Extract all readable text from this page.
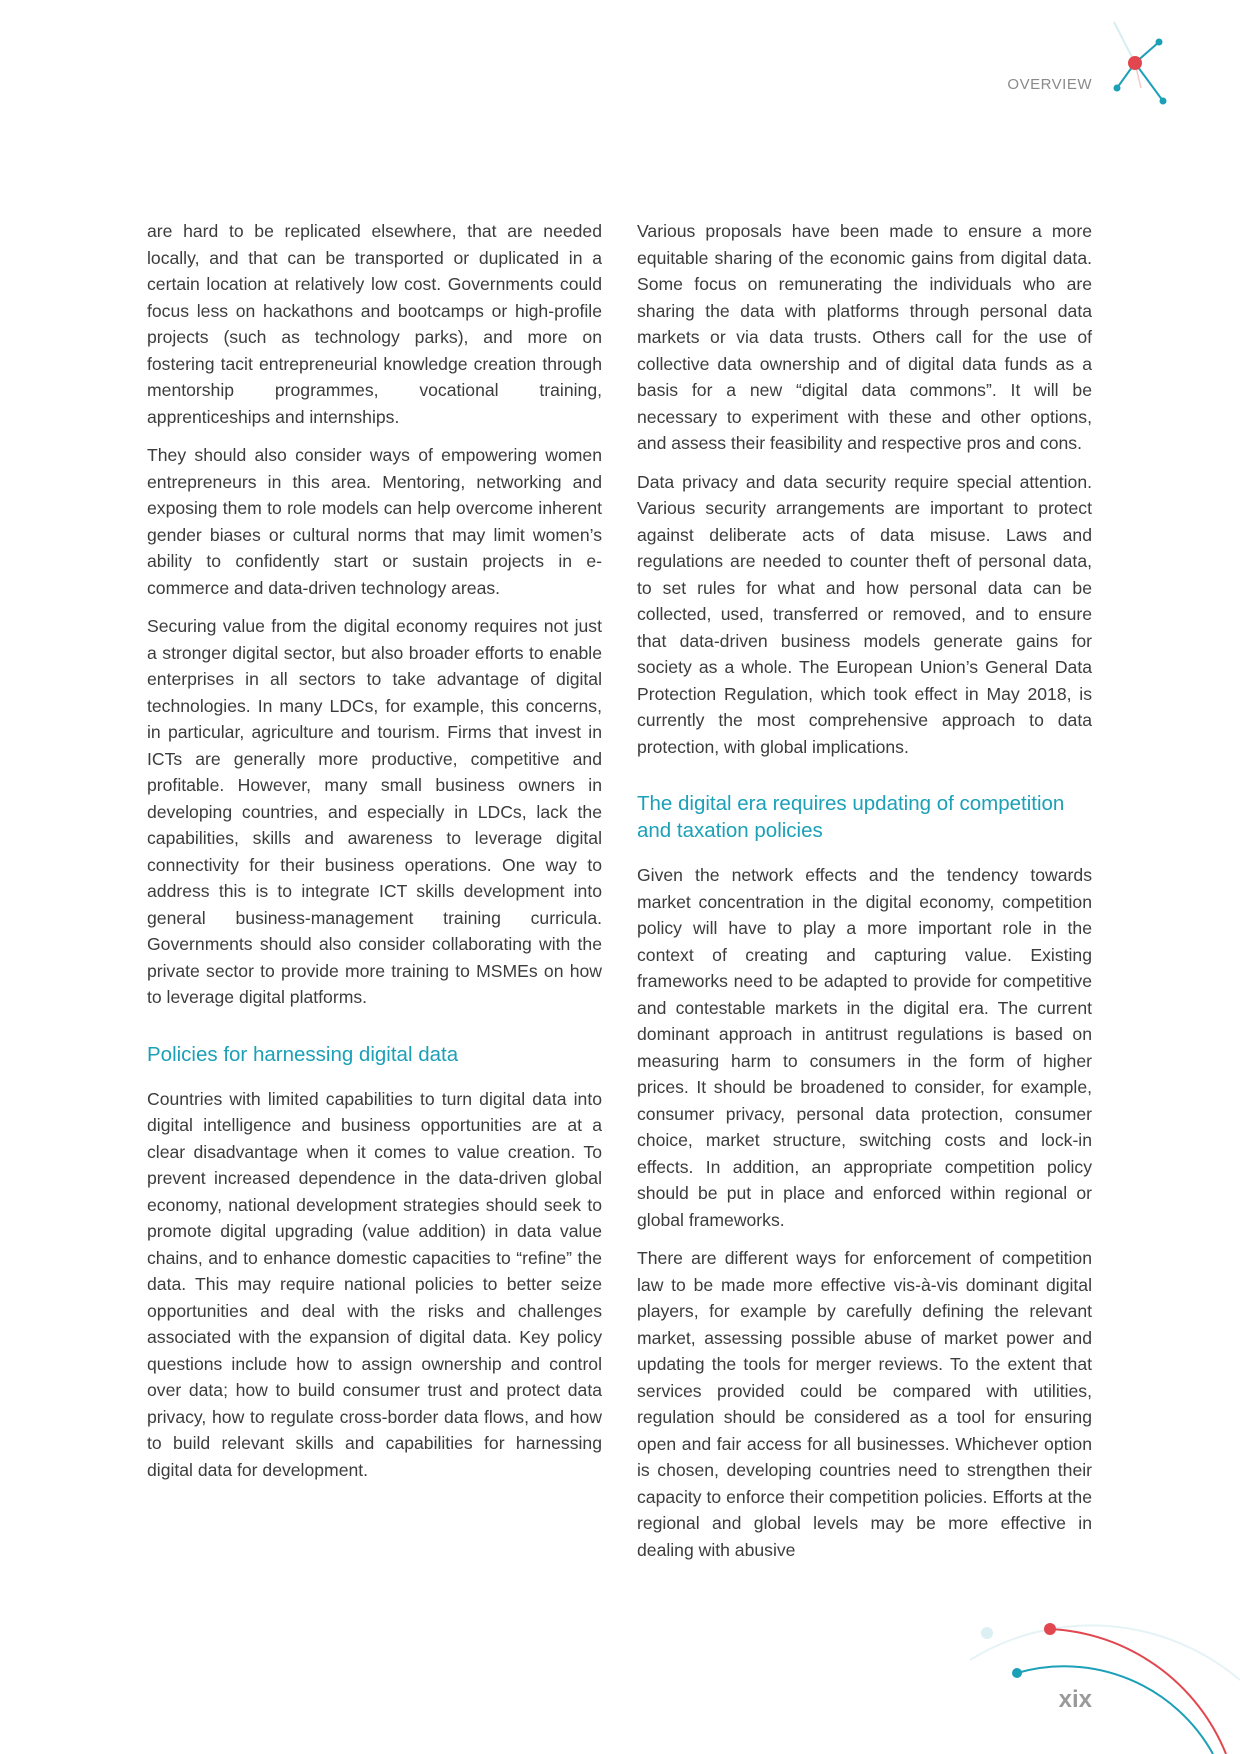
OVERVIEW

are hard to be replicated elsewhere, that are needed locally, and that can be transported or duplicated in a certain location at relatively low cost. Governments could focus less on hackathons and bootcamps or high-profile projects (such as technology parks), and more on fostering tacit entrepreneurial knowledge creation through mentorship programmes, vocational training, apprenticeships and internships.

They should also consider ways of empowering women entrepreneurs in this area. Mentoring, networking and exposing them to role models can help overcome inherent gender biases or cultural norms that may limit women’s ability to confidently start or sustain projects in e-commerce and data-driven technology areas.

Securing value from the digital economy requires not just a stronger digital sector, but also broader efforts to enable enterprises in all sectors to take advantage of digital technologies. In many LDCs, for example, this concerns, in particular, agriculture and tourism. Firms that invest in ICTs are generally more productive, competitive and profitable. However, many small business owners in developing countries, and especially in LDCs, lack the capabilities, skills and awareness to leverage digital connectivity for their business operations. One way to address this is to integrate ICT skills development into general business-management training curricula. Governments should also consider collaborating with the private sector to provide more training to MSMEs on how to leverage digital platforms.

Policies for harnessing digital data

Countries with limited capabilities to turn digital data into digital intelligence and business opportunities are at a clear disadvantage when it comes to value creation. To prevent increased dependence in the data-driven global economy, national development strategies should seek to promote digital upgrading (value addition) in data value chains, and to enhance domestic capacities to “refine” the data. This may require national policies to better seize opportunities and deal with the risks and challenges associated with the expansion of digital data. Key policy questions include how to assign ownership and control over data; how to build consumer trust and protect data privacy, how to regulate cross-border data flows, and how to build relevant skills and capabilities for harnessing digital data for development.

Various proposals have been made to ensure a more equitable sharing of the economic gains from digital data. Some focus on remunerating the individuals who are sharing the data with platforms through personal data markets or via data trusts. Others call for the use of collective data ownership and of digital data funds as a basis for a new “digital data commons”. It will be necessary to experiment with these and other options, and assess their feasibility and respective pros and cons.

Data privacy and data security require special attention. Various security arrangements are important to protect against deliberate acts of data misuse. Laws and regulations are needed to counter theft of personal data, to set rules for what and how personal data can be collected, used, transferred or removed, and to ensure that data-driven business models generate gains for society as a whole. The European Union’s General Data Protection Regulation, which took effect in May 2018, is currently the most comprehensive approach to data protection, with global implications.

The digital era requires updating of competition and taxation policies

Given the network effects and the tendency towards market concentration in the digital economy, competition policy will have to play a more important role in the context of creating and capturing value. Existing frameworks need to be adapted to provide for competitive and contestable markets in the digital era. The current dominant approach in antitrust regulations is based on measuring harm to consumers in the form of higher prices. It should be broadened to consider, for example, consumer privacy, personal data protection, consumer choice, market structure, switching costs and lock-in effects. In addition, an appropriate competition policy should be put in place and enforced within regional or global frameworks.

There are different ways for enforcement of competition law to be made more effective vis-à-vis dominant digital players, for example by carefully defining the relevant market, assessing possible abuse of market power and updating the tools for merger reviews. To the extent that services provided could be compared with utilities, regulation should be considered as a tool for ensuring open and fair access for all businesses. Whichever option is chosen, developing countries need to strengthen their capacity to enforce their competition policies. Efforts at the regional and global levels may be more effective in dealing with abusive

xix
